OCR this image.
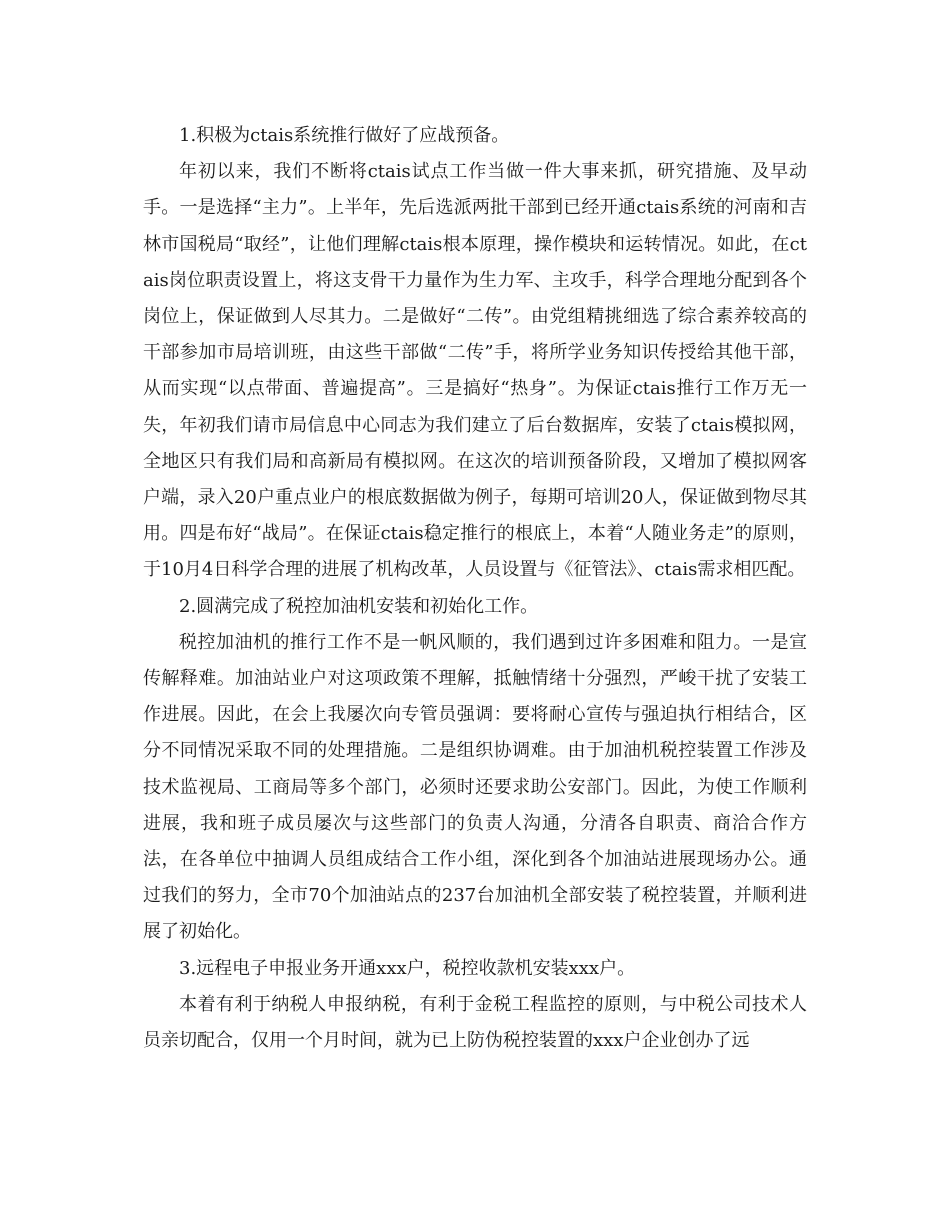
1.积极为ctais系统推行做好了应战预备。

年初以来，我们不断将ctais试点工作当做一件大事来抓，研究措施、及早动手。一是选择“主力”。上半年，先后选派两批干部到已经开通ctais系统的河南和吉林市国税局“取经”，让他们理解ctais根本原理，操作模块和运转情况。如此，在ctais岗位职责设置上，将这支骨干力量作为生力军、主攻手，科学合理地分配到各个岗位上，保证做到人尽其力。二是做好“二传”。由党组精挑细选了综合素养较高的干部参加市局培训班，由这些干部做“二传”手，将所学业务知识传授给其他干部，从而实现“以点带面、普遍提高”。三是搞好“热身”。为保证ctais推行工作万无一失，年初我们请市局信息中心同志为我们建立了后台数据库，安装了ctais模拟网，全地区只有我们局和高新局有模拟网。在这次的培训预备阶段，又增加了模拟网客户端，录入20户重点业户的根底数据做为例子，每期可培训20人，保证做到物尽其用。四是布好“战局”。在保证ctais稳定推行的根底上，本着“人随业务走”的原则，于10月4日科学合理的进展了机构改革，人员设置与《征管法》、ctais需求相匹配。

2.圆满完成了税控加油机安装和初始化工作。

税控加油机的推行工作不是一帆风顺的，我们遇到过许多困难和阻力。一是宣传解释难。加油站业户对这项政策不理解，抵触情绪十分强烈，严峻干扰了安装工作进展。因此，在会上我屡次向专管员强调：要将耐心宣传与强迫执行相结合，区分不同情况采取不同的处理措施。二是组织协调难。由于加油机税控装置工作涉及技术监视局、工商局等多个部门，必须时还要求助公安部门。因此，为使工作顺利进展，我和班子成员屡次与这些部门的负责人沟通，分清各自职责、商洽合作方法，在各单位中抽调人员组成结合工作小组，深化到各个加油站进展现场办公。通过我们的努力，全市70个加油站点的237台加油机全部安装了税控装置，并顺利进展了初始化。

3.远程电子申报业务开通xxx户，税控收款机安装xxx户。

本着有利于纳税人申报纳税，有利于金税工程监控的原则，与中税公司技术人员亲切配合，仅用一个月时间，就为已上防伪税控装置的xxx户企业创办了远
